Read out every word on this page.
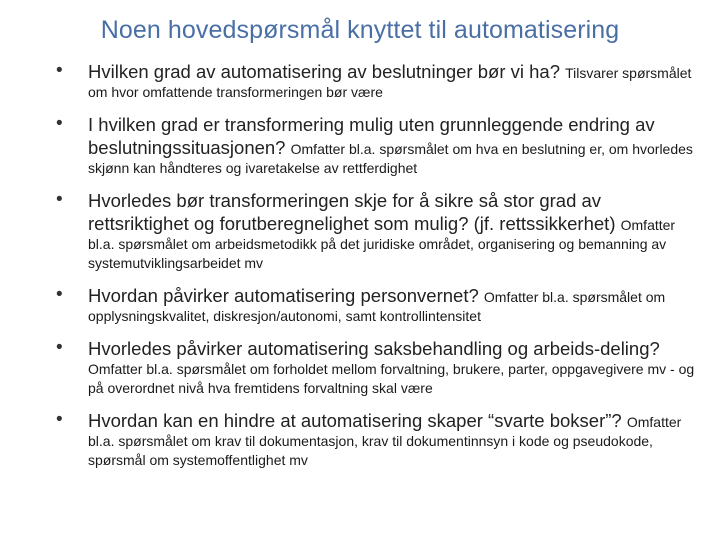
Noen hovedspørsmål knyttet til automatisering
• Hvilken grad av automatisering av beslutninger bør vi ha? Tilsvarer spørsmålet om hvor omfattende transformeringen bør være
• I hvilken grad er transformering mulig uten grunnleggende endring av beslutningssituasjonen? Omfatter bl.a. spørsmålet om hva en beslutning er, om hvorledes skjønn kan håndteres og ivaretakelse av rettferdighet
• Hvorledes bør transformeringen skje for å sikre så stor grad av rettsriktighet og forutberegnelighet som mulig? (jf. rettssikkerhet) Omfatter bl.a. spørsmålet om arbeidsmetodikk på det juridiske området, organisering og bemanning av systemutviklingsarbeidet mv
• Hvordan påvirker automatisering personvernet? Omfatter bl.a. spørsmålet om opplysningskvalitet, diskresjon/autonomi, samt kontrollintensitet
• Hvorledes påvirker automatisering saksbehandling og arbeids-deling? Omfatter bl.a. spørsmålet om forholdet mellom forvaltning, brukere, parter, oppgavegivere mv - og på overordnet nivå hva fremtidens forvaltning skal være
• Hvordan kan en hindre at automatisering skaper “svarte bokser”? Omfatter bl.a. spørsmålet om krav til dokumentasjon, krav til dokumentinnsyn i kode og pseudokode, spørsmål om systemoffentlighet mv
